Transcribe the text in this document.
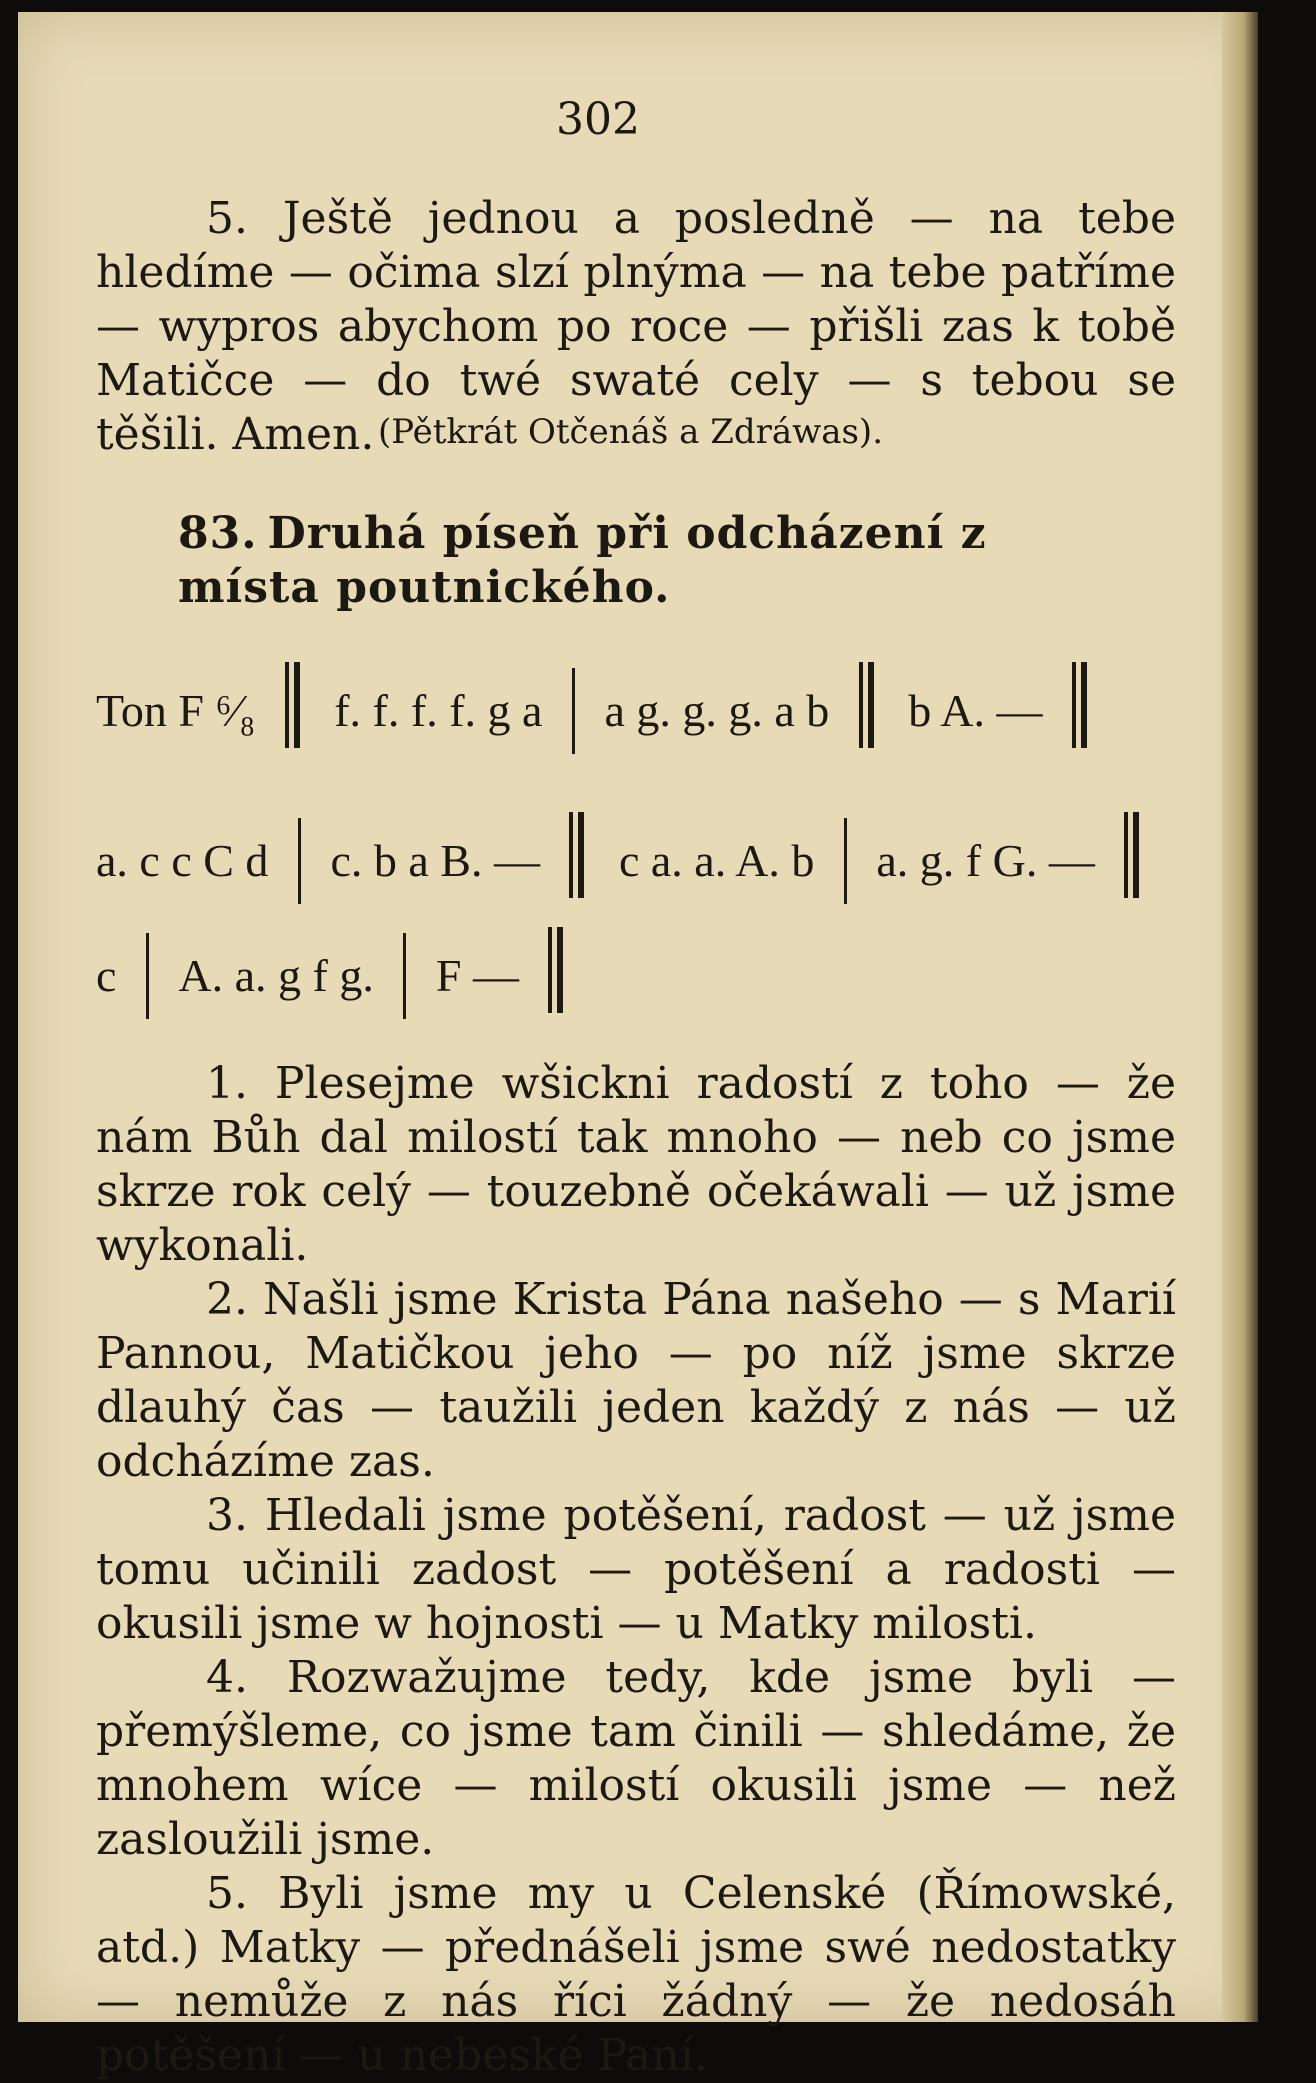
302

5. Ještě jednou a posledně — na tebe hledíme — očima slzí plnýma — na tebe patříme — wypros abychom po roce — přišli zas k tobě Matičce — do twé swaté cely — s tebou se těšili. Amen. (Pětkrát Otčenáš a Zdráwas).
83. Druhá píseň při odcházení z místa poutnického.
Ton F ⁶⁄₈ f. f. f. f. g a a g. g. g. a b b A. —
a. c c C d c. b a B. — c a. a. A. b a. g. f G. —
c A. a. g f g. F —

1. Plesejme wšickni radostí z toho — že nám Bůh dal milostí tak mnoho — neb co jsme skrze rok celý — touzebně očekáwali — už jsme wykonali.

2. Našli jsme Krista Pána našeho — s Marií Pannou, Matičkou jeho — po níž jsme skrze dlauhý čas — taužili jeden každý z nás — už odcházíme zas.

3. Hledali jsme potěšení, radost — už jsme tomu učinili zadost — potěšení a radosti — okusili jsme w hojnosti — u Matky milosti.

4. Rozwažujme tedy, kde jsme byli — přemýšleme, co jsme tam činili — shledáme, že mnohem wíce — milostí okusili jsme — než zasloužili jsme.

5. Byli jsme my u Celenské (Římowské, atd.) Matky — přednášeli jsme swé nedostatky — nemůže z nás říci žádný — že nedosáh potěšení — u nebeské Paní.
